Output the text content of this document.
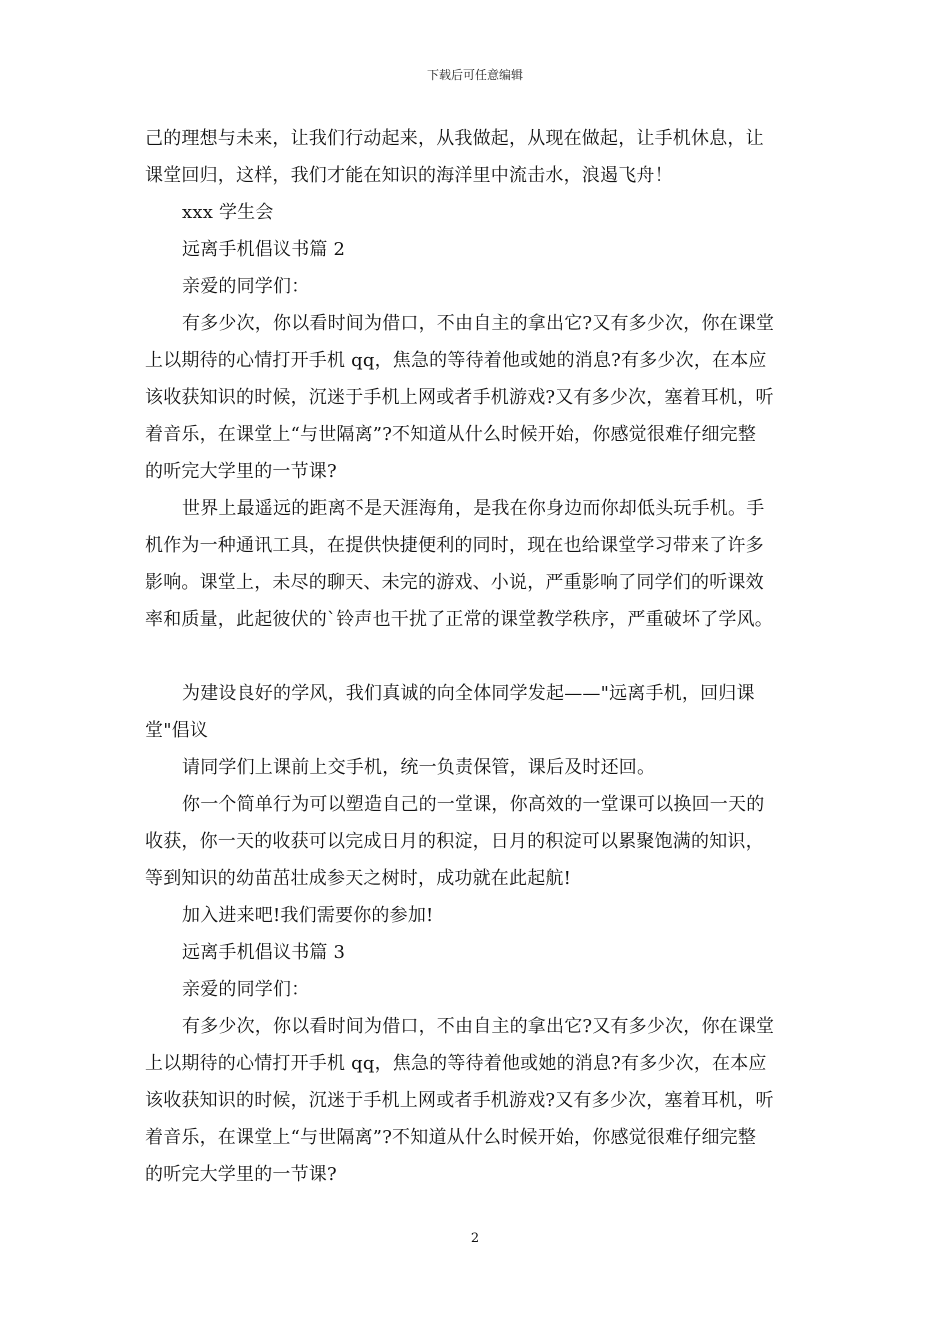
下载后可任意编辑

己的理想与未来，让我们行动起来，从我做起，从现在做起，让手机休息，让
课堂回归，这样，我们才能在知识的海洋里中流击水，浪遏飞舟！

xxx 学生会

远离手机倡议书篇 2

亲爱的同学们：

有多少次，你以看时间为借口，不由自主的拿出它?又有多少次，你在课堂
上以期待的心情打开手机 qq，焦急的等待着他或她的消息?有多少次，在本应
该收获知识的时候，沉迷于手机上网或者手机游戏?又有多少次，塞着耳机，听
着音乐，在课堂上“与世隔离”?不知道从什么时候开始，你感觉很难仔细完整
的听完大学里的一节课?

世界上最遥远的距离不是天涯海角，是我在你身边而你却低头玩手机。手
机作为一种通讯工具，在提供快捷便利的同时，现在也给课堂学习带来了许多
影响。课堂上，未尽的聊天、未完的游戏、小说，严重影响了同学们的听课效
率和质量，此起彼伏的`铃声也干扰了正常的课堂教学秩序，严重破坏了学风。

为建设良好的学风，我们真诚的向全体同学发起——"远离手机，回归课
堂"倡议

请同学们上课前上交手机，统一负责保管，课后及时还回。

你一个简单行为可以塑造自己的一堂课，你高效的一堂课可以换回一天的
收获，你一天的收获可以完成日月的积淀，日月的积淀可以累聚饱满的知识，
等到知识的幼苗茁壮成参天之树时，成功就在此起航!

加入进来吧!我们需要你的参加!

远离手机倡议书篇 3

亲爱的同学们：

有多少次，你以看时间为借口，不由自主的拿出它?又有多少次，你在课堂
上以期待的心情打开手机 qq，焦急的等待着他或她的消息?有多少次，在本应
该收获知识的时候，沉迷于手机上网或者手机游戏?又有多少次，塞着耳机，听
着音乐，在课堂上“与世隔离”?不知道从什么时候开始，你感觉很难仔细完整
的听完大学里的一节课?

2
